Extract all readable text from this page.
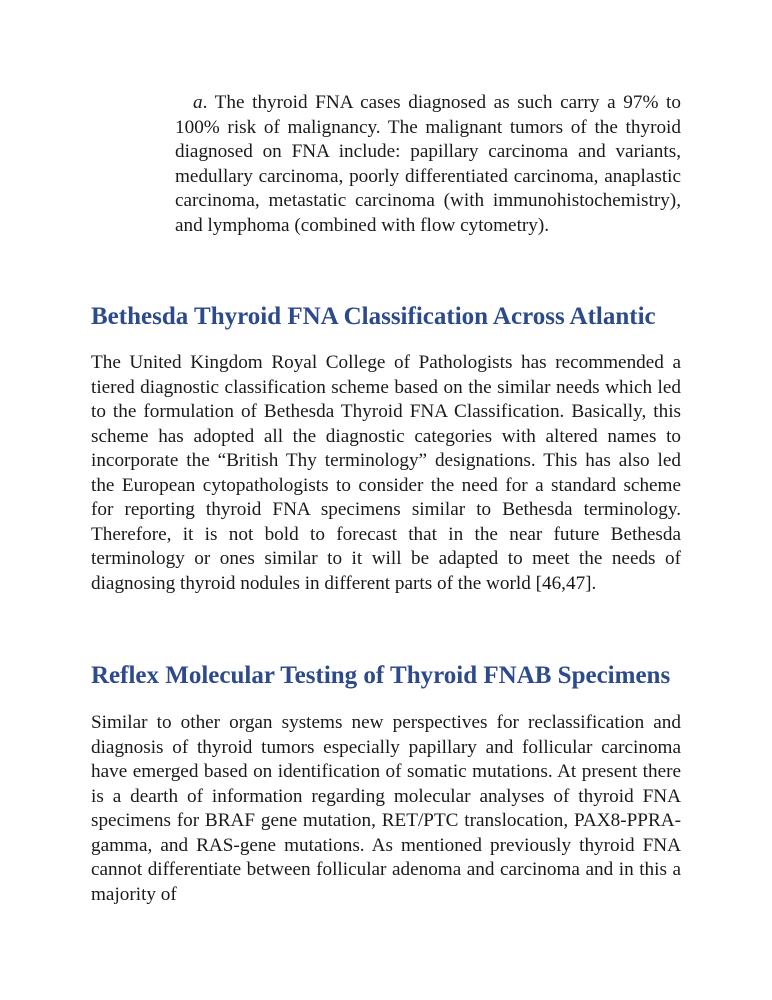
a. The thyroid FNA cases diagnosed as such carry a 97% to 100% risk of malignancy. The malignant tumors of the thyroid diagnosed on FNA include: papillary carcinoma and variants, medullary carcinoma, poorly differentiated carcinoma, anaplastic carcinoma, metastatic carcinoma (with immunohistochemistry), and lymphoma (combined with flow cytometry).

Bethesda Thyroid FNA Classification Across Atlantic

The United Kingdom Royal College of Pathologists has recommended a tiered diagnostic classification scheme based on the similar needs which led to the formulation of Bethesda Thyroid FNA Classification. Basically, this scheme has adopted all the diagnostic categories with altered names to incorporate the “British Thy terminology” designations. This has also led the European cytopathologists to consider the need for a standard scheme for reporting thyroid FNA specimens similar to Bethesda terminology. Therefore, it is not bold to forecast that in the near future Bethesda terminology or ones similar to it will be adapted to meet the needs of diagnosing thyroid nodules in different parts of the world [46,47].

Reflex Molecular Testing of Thyroid FNAB Specimens

Similar to other organ systems new perspectives for reclassification and diagnosis of thyroid tumors especially papillary and follicular carcinoma have emerged based on identification of somatic mutations. At present there is a dearth of information regarding molecular analyses of thyroid FNA specimens for BRAF gene mutation, RET/PTC translocation, PAX8-PPRA-gamma, and RAS-gene mutations. As mentioned previously thyroid FNA cannot differentiate between follicular adenoma and carcinoma and in this a majority of
